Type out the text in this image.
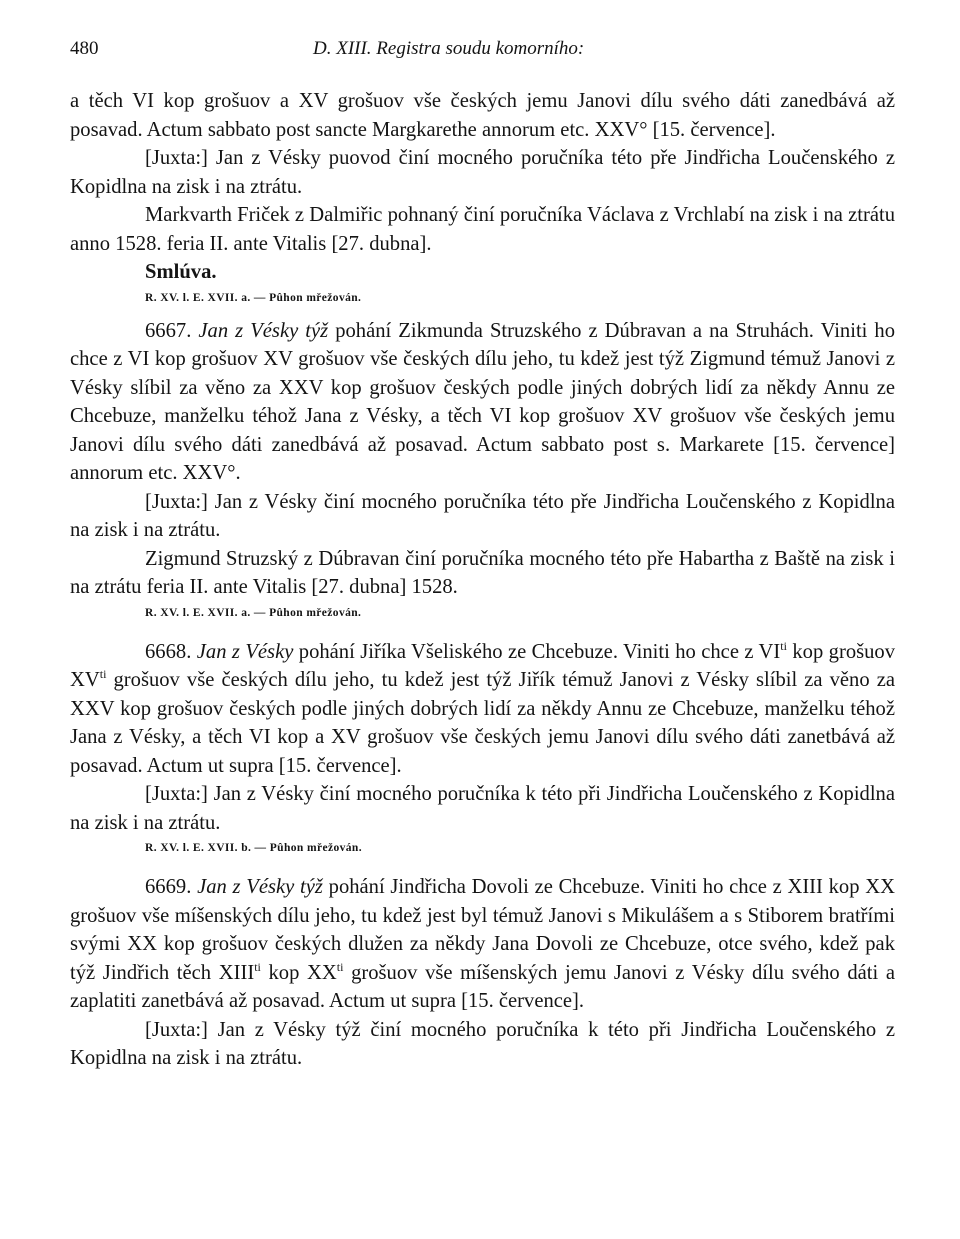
480	D. XIII. Registra soudu komorního:

a těch VI kop grošuov a XV grošuov vše českých jemu Janovi dílu svého dáti zanedbává až posavad. Actum sabbato post sancte Margkarethe annorum etc. XXV° [15. července].

[Juxta:] Jan z Vésky puovod činí mocného poručníka této pře Jindřicha Loučenského z Kopidlna na zisk i na ztrátu.

Markvarth Friček z Dalmiřic pohnaný činí poručníka Václava z Vrchlabí na zisk i na ztrátu anno 1528. feria II. ante Vitalis [27. dubna].

Smlúva.

R. XV. l. E. XVII. a. — Pûhon mřežován.

6667. Jan z Vésky týž pohání Zikmunda Struzského z Dúbravan a na Struhách. Viniti ho chce z VI kop grošuov XV grošuov vše českých dílu jeho, tu kdež jest týž Zigmund témuž Janovi z Vésky slíbil za věno za XXV kop grošuov českých podle jiných dobrých lidí za někdy Annu ze Chcebuze, manželku téhož Jana z Vésky, a těch VI kop grošuov XV grošuov vše českých jemu Janovi dílu svého dáti zanedbává až posavad. Actum sabbato post s. Markarete [15. července] annorum etc. XXV°.

[Juxta:] Jan z Vésky činí mocného poručníka této pře Jindřicha Loučenského z Kopidlna na zisk i na ztrátu.

Zigmund Struzský z Dúbravan činí poručníka mocného této pře Habartha z Baště na zisk i na ztrátu feria II. ante Vitalis [27. dubna] 1528.

R. XV. l. E. XVII. a. — Pûhon mřežován.

6668. Jan z Vésky pohání Jiříka Všeliského ze Chcebuze. Viniti ho chce z $VI^{ti}$ kop grošuov $XV^{ti}$ grošuov vše českých dílu jeho, tu kdež jest týž Jiřík témuž Janovi z Vésky slíbil za věno za XXV kop grošuov českých podle jiných dobrých lidí za někdy Annu ze Chcebuze, manželku téhož Jana z Vésky, a těch VI kop a XV grošuov vše českých jemu Janovi dílu svého dáti zanetbává až posavad. Actum ut supra [15. července].

[Juxta:] Jan z Vésky činí mocného poručníka k této při Jindřicha Loučenského z Kopidlna na zisk i na ztrátu.

R. XV. l. E. XVII. b. — Pûhon mřežován.

6669. Jan z Vésky týž pohání Jindřicha Dovoli ze Chcebuze. Viniti ho chce z XIII kop XX grošuov vše míšenských dílu jeho, tu kdež jest byl témuž Janovi s Mikulášem a s Stiborem bratřími svými XX kop grošuov českých dlužen za někdy Jana Dovoli ze Chcebuze, otce svého, kdež pak týž Jindřich těch $XIII^{ti}$ kop $XX^{ti}$ grošuov vše míšenských jemu Janovi z Vésky dílu svého dáti a zaplatiti zanetbává až posavad. Actum ut supra [15. července].

[Juxta:] Jan z Vésky týž činí mocného poručníka k této při Jindřicha Loučenského z Kopidlna na zisk i na ztrátu.
